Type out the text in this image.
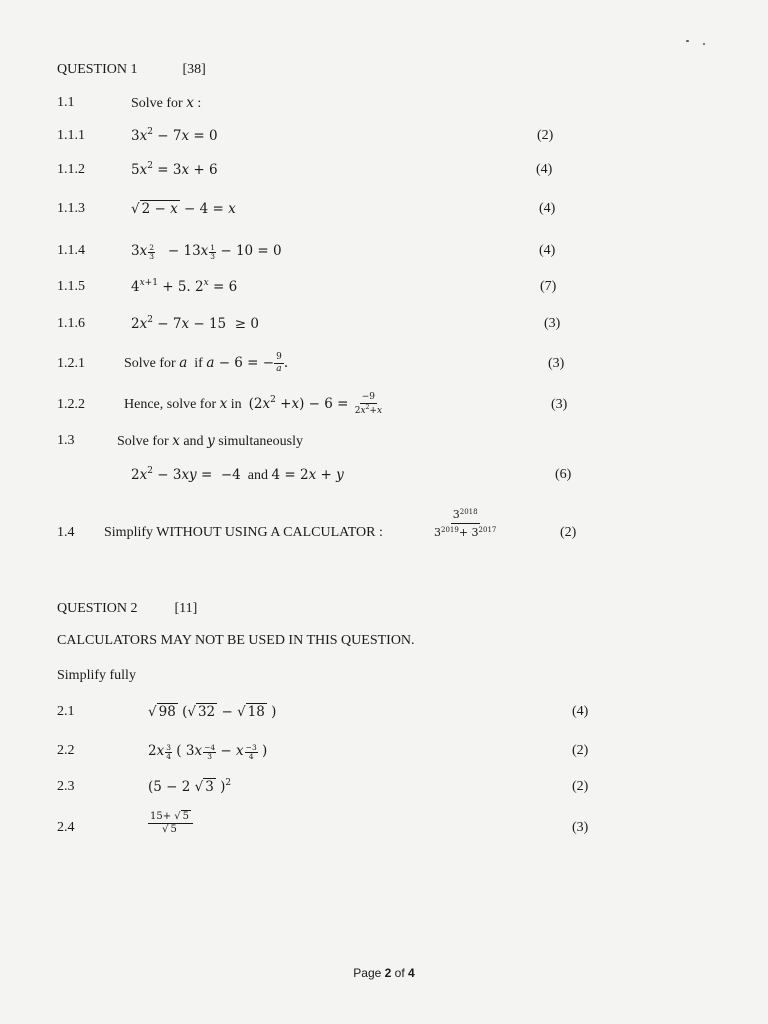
QUESTION 1	[38]
1.1	Solve for x :
1.1.1	$3x^2 - 7x = 0$	(2)
1.1.2	$5x^2 = 3x + 6$	(4)
1.1.3	√ 2 − x − 4 = x	(4)
1.1.4	$3x \frac{2}{3} - 13x \frac{1}{3} - 10 = 0$	(4)
1.1.5	$4^{x+1} + 5$. $2^x = 6$	(7)
1.1.6	$2x^2 - 7x - 15 \ge 0$	(3)
1.2.1	Solve for a if a − 6 = − $\frac{9}{a}$ .	(3)
1.2.2	Hence, solve for x in $(2x^2 +x) - 6 = \frac{-9}{2x^2+x}$	(3)
1.3	Solve for x and y simultaneously
$2x^2 - 3xy = -4$ and 4 = 2x + y	(6)
1.4 Simplify WITHOUT USING A CALCULATOR :	$\frac{3^{2018}}{3^{2019}+ 3^{2017}}$	(2)
QUESTION 2	[11]
CALCULATORS MAY NOT BE USED IN THIS QUESTION.
Simplify fully
2.1	√ 98 (√ 32 − √ 18 )	(4)
2.2	$2x \frac{3}{4}$ ( $3x \frac{-4}{3} - x \frac{-3}{4}$ )	(2)
2.3	(5 − 2 √ 3 )$^2$	(2)
2.4	$\frac{15+ √ 5}{√ 5}$	(3)
Page 2 of 4
